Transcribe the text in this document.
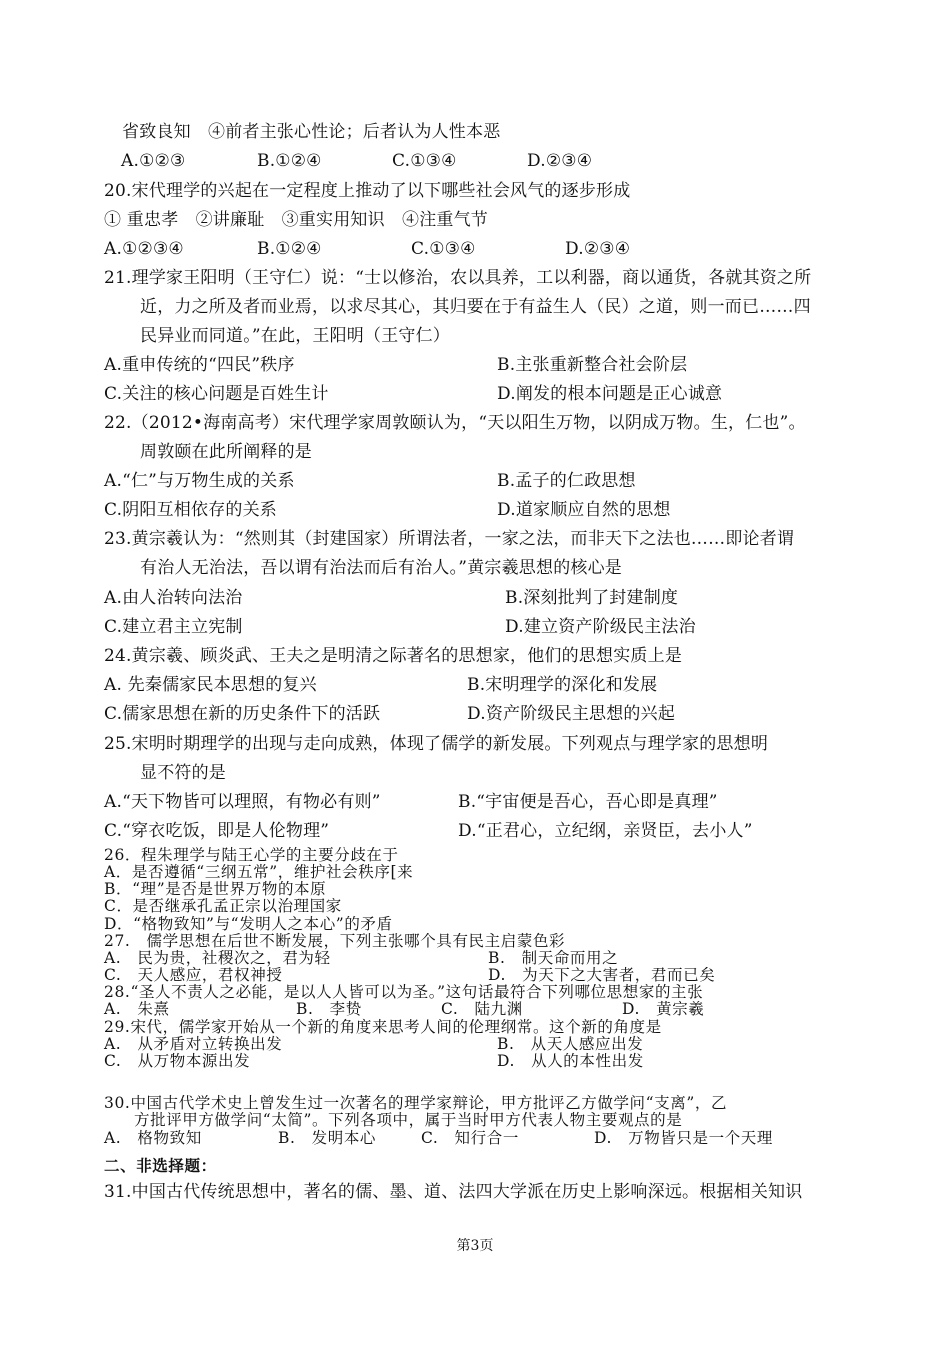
省致良知　④前者主张心性论；后者认为人性本恶
A.①②③	B.①②④	C.①③④	D.②③④
20.宋代理学的兴起在一定程度上推动了以下哪些社会风气的逐步形成
① 重忠孝　②讲廉耻　③重实用知识　④注重气节
A.①②③④	B.①②④	C.①③④	D.②③④
21.理学家王阳明（王守仁）说：“士以修治，农以具养，工以利器，商以通货，各就其资之所
近，力之所及者而业焉，以求尽其心，其归要在于有益生人（民）之道，则一而已……四
民异业而同道。”在此，王阳明（王守仁）
A.重申传统的“四民”秩序	B.主张重新整合社会阶层
C.关注的核心问题是百姓生计	D.阐发的根本问题是正心诚意
22.（2012•海南高考）宋代理学家周敦颐认为，“天以阳生万物，以阴成万物。生，仁也”。
周敦颐在此所阐释的是
A.“仁”与万物生成的关系	B.孟子的仁政思想
C.阴阳互相依存的关系	D.道家顺应自然的思想
23.黄宗羲认为：“然则其（封建国家）所谓法者，一家之法，而非天下之法也……即论者谓
有治人无治法，吾以谓有治法而后有治人。”黄宗羲思想的核心是
A.由人治转向法治	B.深刻批判了封建制度
C.建立君主立宪制	D.建立资产阶级民主法治
24.黄宗羲、顾炎武、王夫之是明清之际著名的思想家，他们的思想实质上是
A. 先秦儒家民本思想的复兴	B.宋明理学的深化和发展
C.儒家思想在新的历史条件下的活跃	D.资产阶级民主思想的兴起
25.宋明时期理学的出现与走向成熟，体现了儒学的新发展。下列观点与理学家的思想明
显不符的是
A.“天下物皆可以理照，有物必有则”	B.“宇宙便是吾心，吾心即是真理”
C.“穿衣吃饭，即是人伦物理”	D.“正君心，立纪纲，亲贤臣，去小人”
26．程朱理学与陆王心学的主要分歧在于
A．是否遵循“三纲五常”，维护社会秩序[来
B．“理”是否是世界万物的本原
C．是否继承孔孟正宗以治理国家
D．“格物致知”与“发明人之本心”的矛盾
27.　儒学思想在后世不断发展，下列主张哪个具有民主启蒙色彩
A.　民为贵，社稷次之，君为轻	B.　制天命而用之
C.　天人感应，君权神授	D.　为天下之大害者，君而已矣
28.“圣人不责人之必能，是以人人皆可以为圣。”这句话最符合下列哪位思想家的主张
A.　朱熹	B.　李贽	C.　陆九渊	D.　黄宗羲
29.宋代，儒学家开始从一个新的角度来思考人间的伦理纲常。这个新的角度是
A.　从矛盾对立转换出发	B.　从天人感应出发
C.　从万物本源出发	D.　从人的本性出发
30.中国古代学术史上曾发生过一次著名的理学家辩论，甲方批评乙方做学问“支离”，乙
方批评甲方做学问“太简”。下列各项中，属于当时甲方代表人物主要观点的是
A.　格物致知	B.　发明本心	C.　知行合一	D.　万物皆只是一个天理
二、非选择题：
31.中国古代传统思想中，著名的儒、墨、道、法四大学派在历史上影响深远。根据相关知识
第3页
